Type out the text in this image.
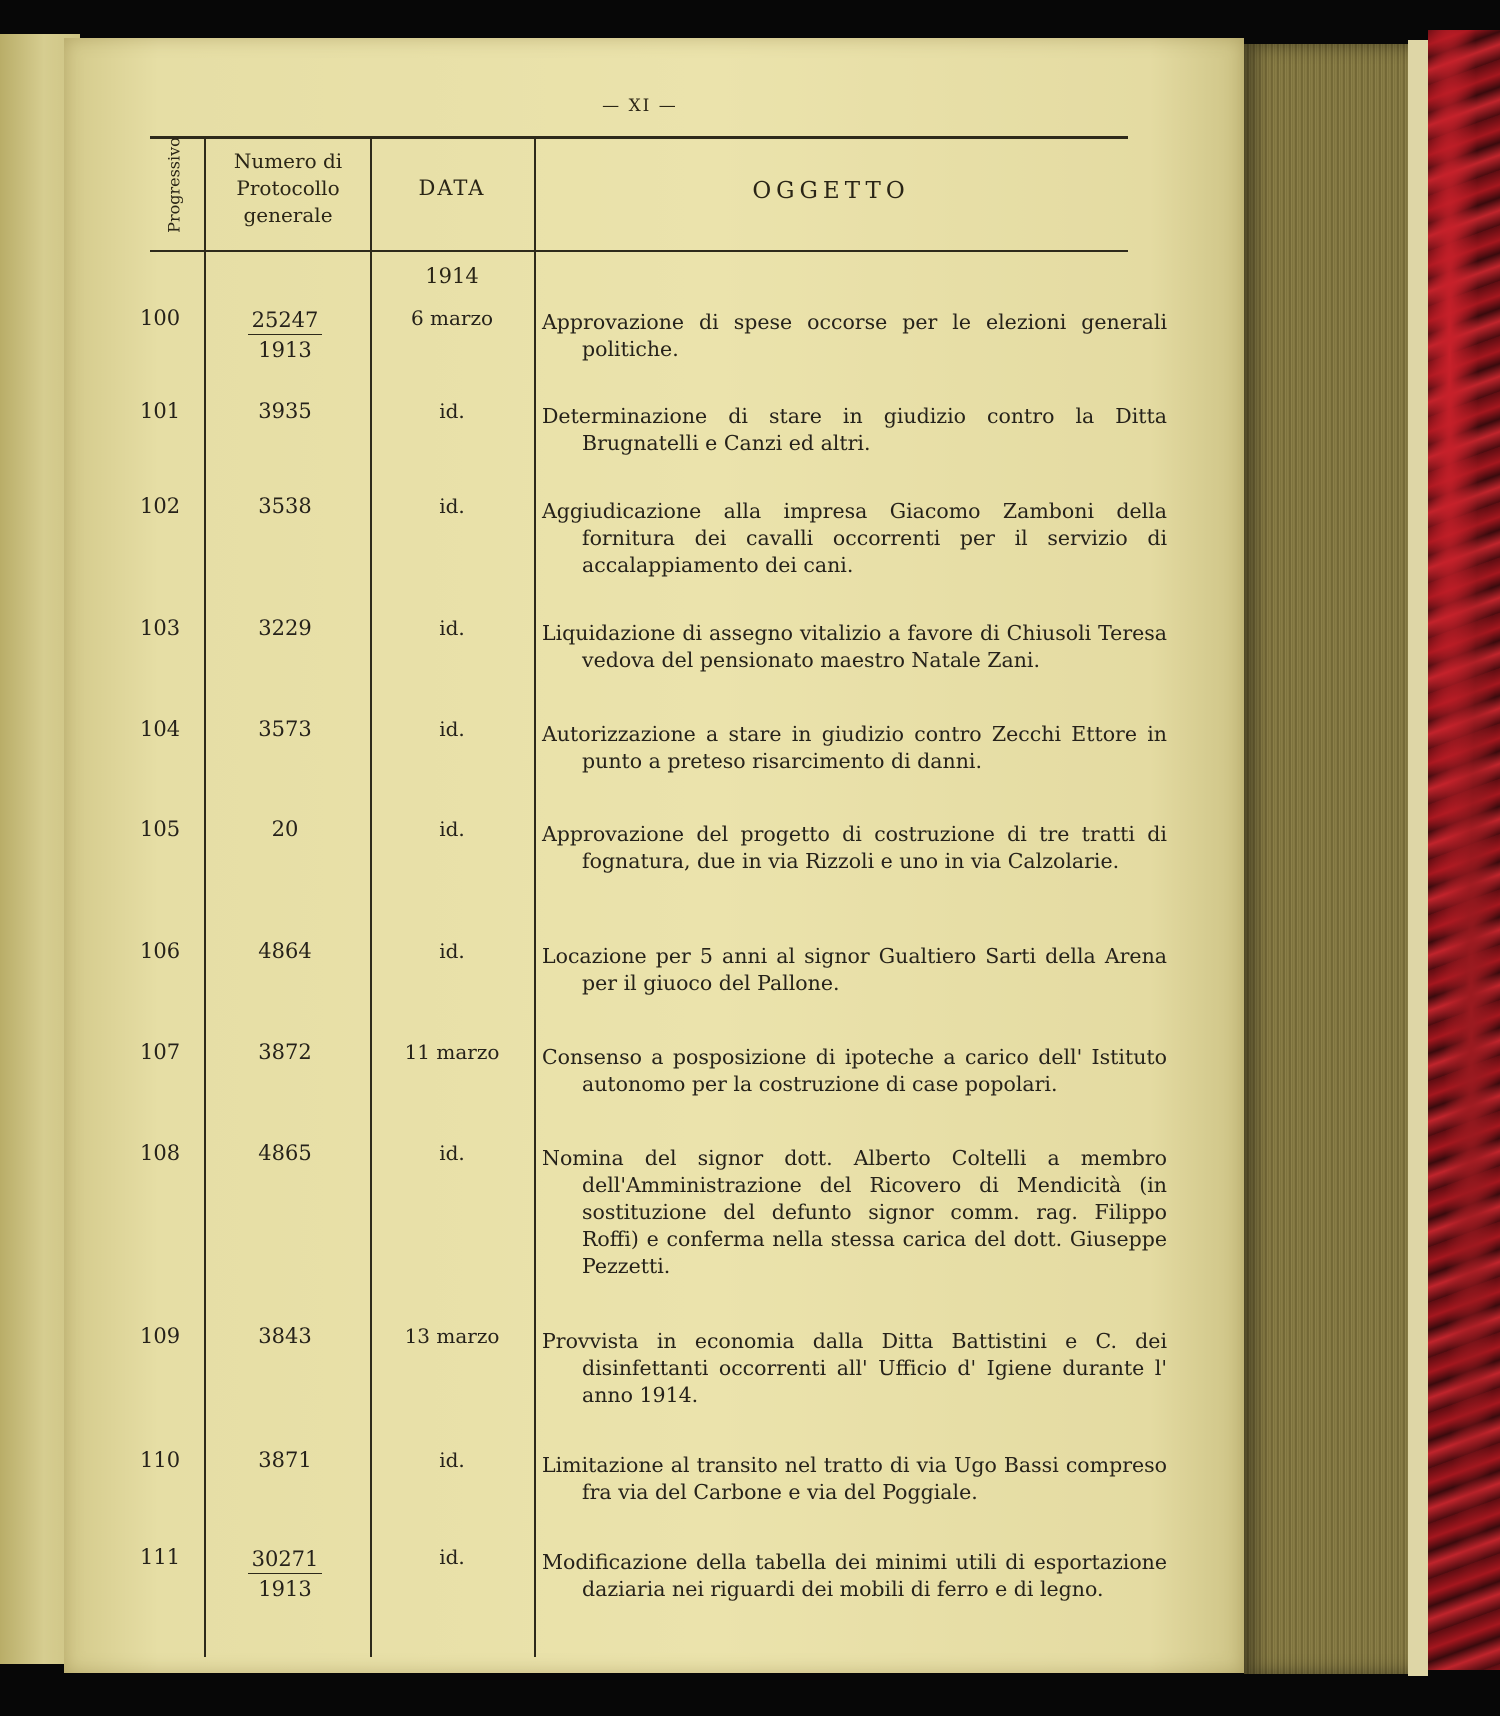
— XI —
Progressivo	Numero di Protocollo generale
DATA	OGGETTO
1914
100	$\frac{25247}{1913}$	6 marzo	Approvazione di spese occorse per le elezioni generali politiche.
101	3935	id.	Determinazione di stare in giudizio contro la Ditta Brugnatelli e Canzi ed altri.
102	3538	id.	Aggiudicazione alla impresa Giacomo Zamboni della fornitura dei cavalli occorrenti per il servizio di accalappiamento dei cani.
103	3229	id.	Liquidazione di assegno vitalizio a favore di Chiusoli Teresa vedova del pensionato maestro Natale Zani.
104	3573	id.	Autorizzazione a stare in giudizio contro Zecchi Ettore in punto a preteso risarcimento di danni.
105	20	id.	Approvazione del progetto di costruzione di tre tratti di fognatura, due in via Rizzoli e uno in via Calzolarie.
106	4864	id.	Locazione per 5 anni al signor Gualtiero Sarti della Arena per il giuoco del Pallone.
107	3872	11 marzo	Consenso a posposizione di ipoteche a carico dell' Istituto autonomo per la costruzione di case popolari.
108	4865	id.	Nomina del signor dott. Alberto Coltelli a membro dell'Amministrazione del Ricovero di Mendicità (in sostituzione del defunto signor comm. rag. Filippo Roffi) e conferma nella stessa carica del dott. Giuseppe Pezzetti.
109	3843	13 marzo	Provvista in economia dalla Ditta Battistini e C. dei disinfettanti occorrenti all' Ufficio d' Igiene durante l' anno 1914.
110	3871	id.	Limitazione al transito nel tratto di via Ugo Bassi compreso fra via del Carbone e via del Poggiale.
111	$\frac{30271}{1913}$	id.	Modificazione della tabella dei minimi utili di esportazione daziaria nei riguardi dei mobili di ferro e di legno.
